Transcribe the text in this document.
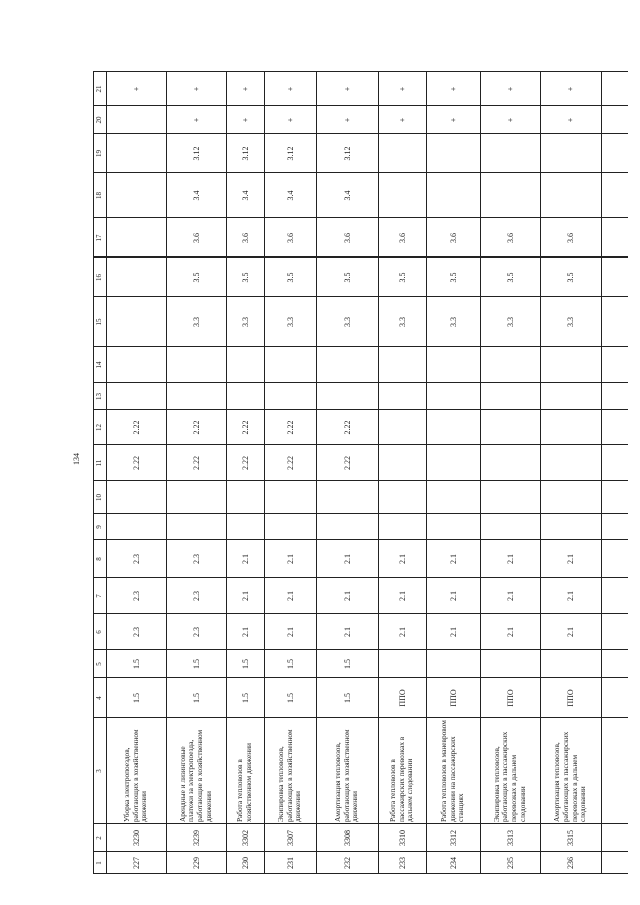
134
1
2
3
4
5
6
7
8
9
10
11
12
13
14
15
16
17
18
19
20
21
227
3230
Уборка электропоездов, работающих в хозяйственном движении
1.5
1.5
2.3
2.3
2.3
2.22
2.22
+
229
3239
Арендные и лизинговые платежи за электропоезда, работающие в хозяйственном движении
1.5
1.5
2.3
2.3
2.3
2.22
2.22
3.3
3.5
3.6
3.4
3.12
+
+
230
3302
Работа тепловозов в хозяйственном движении
1.5
1.5
2.1
2.1
2.1
2.22
2.22
3.3
3.5
3.6
3.4
3.12
+
+
231
3307
Экипировка тепловозов, работающих в хозяйственном движении
1.5
1.5
2.1
2.1
2.1
2.22
2.22
3.3
3.5
3.6
3.4
3.12
+
+
232
3308
Амортизация тепловозов, работающих в хозяйственном движении
1.5
1.5
2.1
2.1
2.1
2.22
2.22
3.3
3.5
3.6
3.4
3.12
+
+
233
3310
Работа тепловозов в пассажирских перевозках в дальнем следовании
ППО
2.1
2.1
2.1
3.3
3.5
3.6
+
+
234
3312
Работа тепловозов в маневровом движении на пассажирских станциях
ППО
2.1
2.1
2.1
3.3
3.5
3.6
+
+
235
3313
Экипировка тепловозов, работающих в пассажирских перевозках в дальнем следовании
ППО
2.1
2.1
2.1
3.3
3.5
3.6
+
+
236
3315
Амортизация тепловозов, работающих в пассажирских перевозках в дальнем следовании
ППО
2.1
2.1
2.1
3.3
3.5
3.6
+
+
